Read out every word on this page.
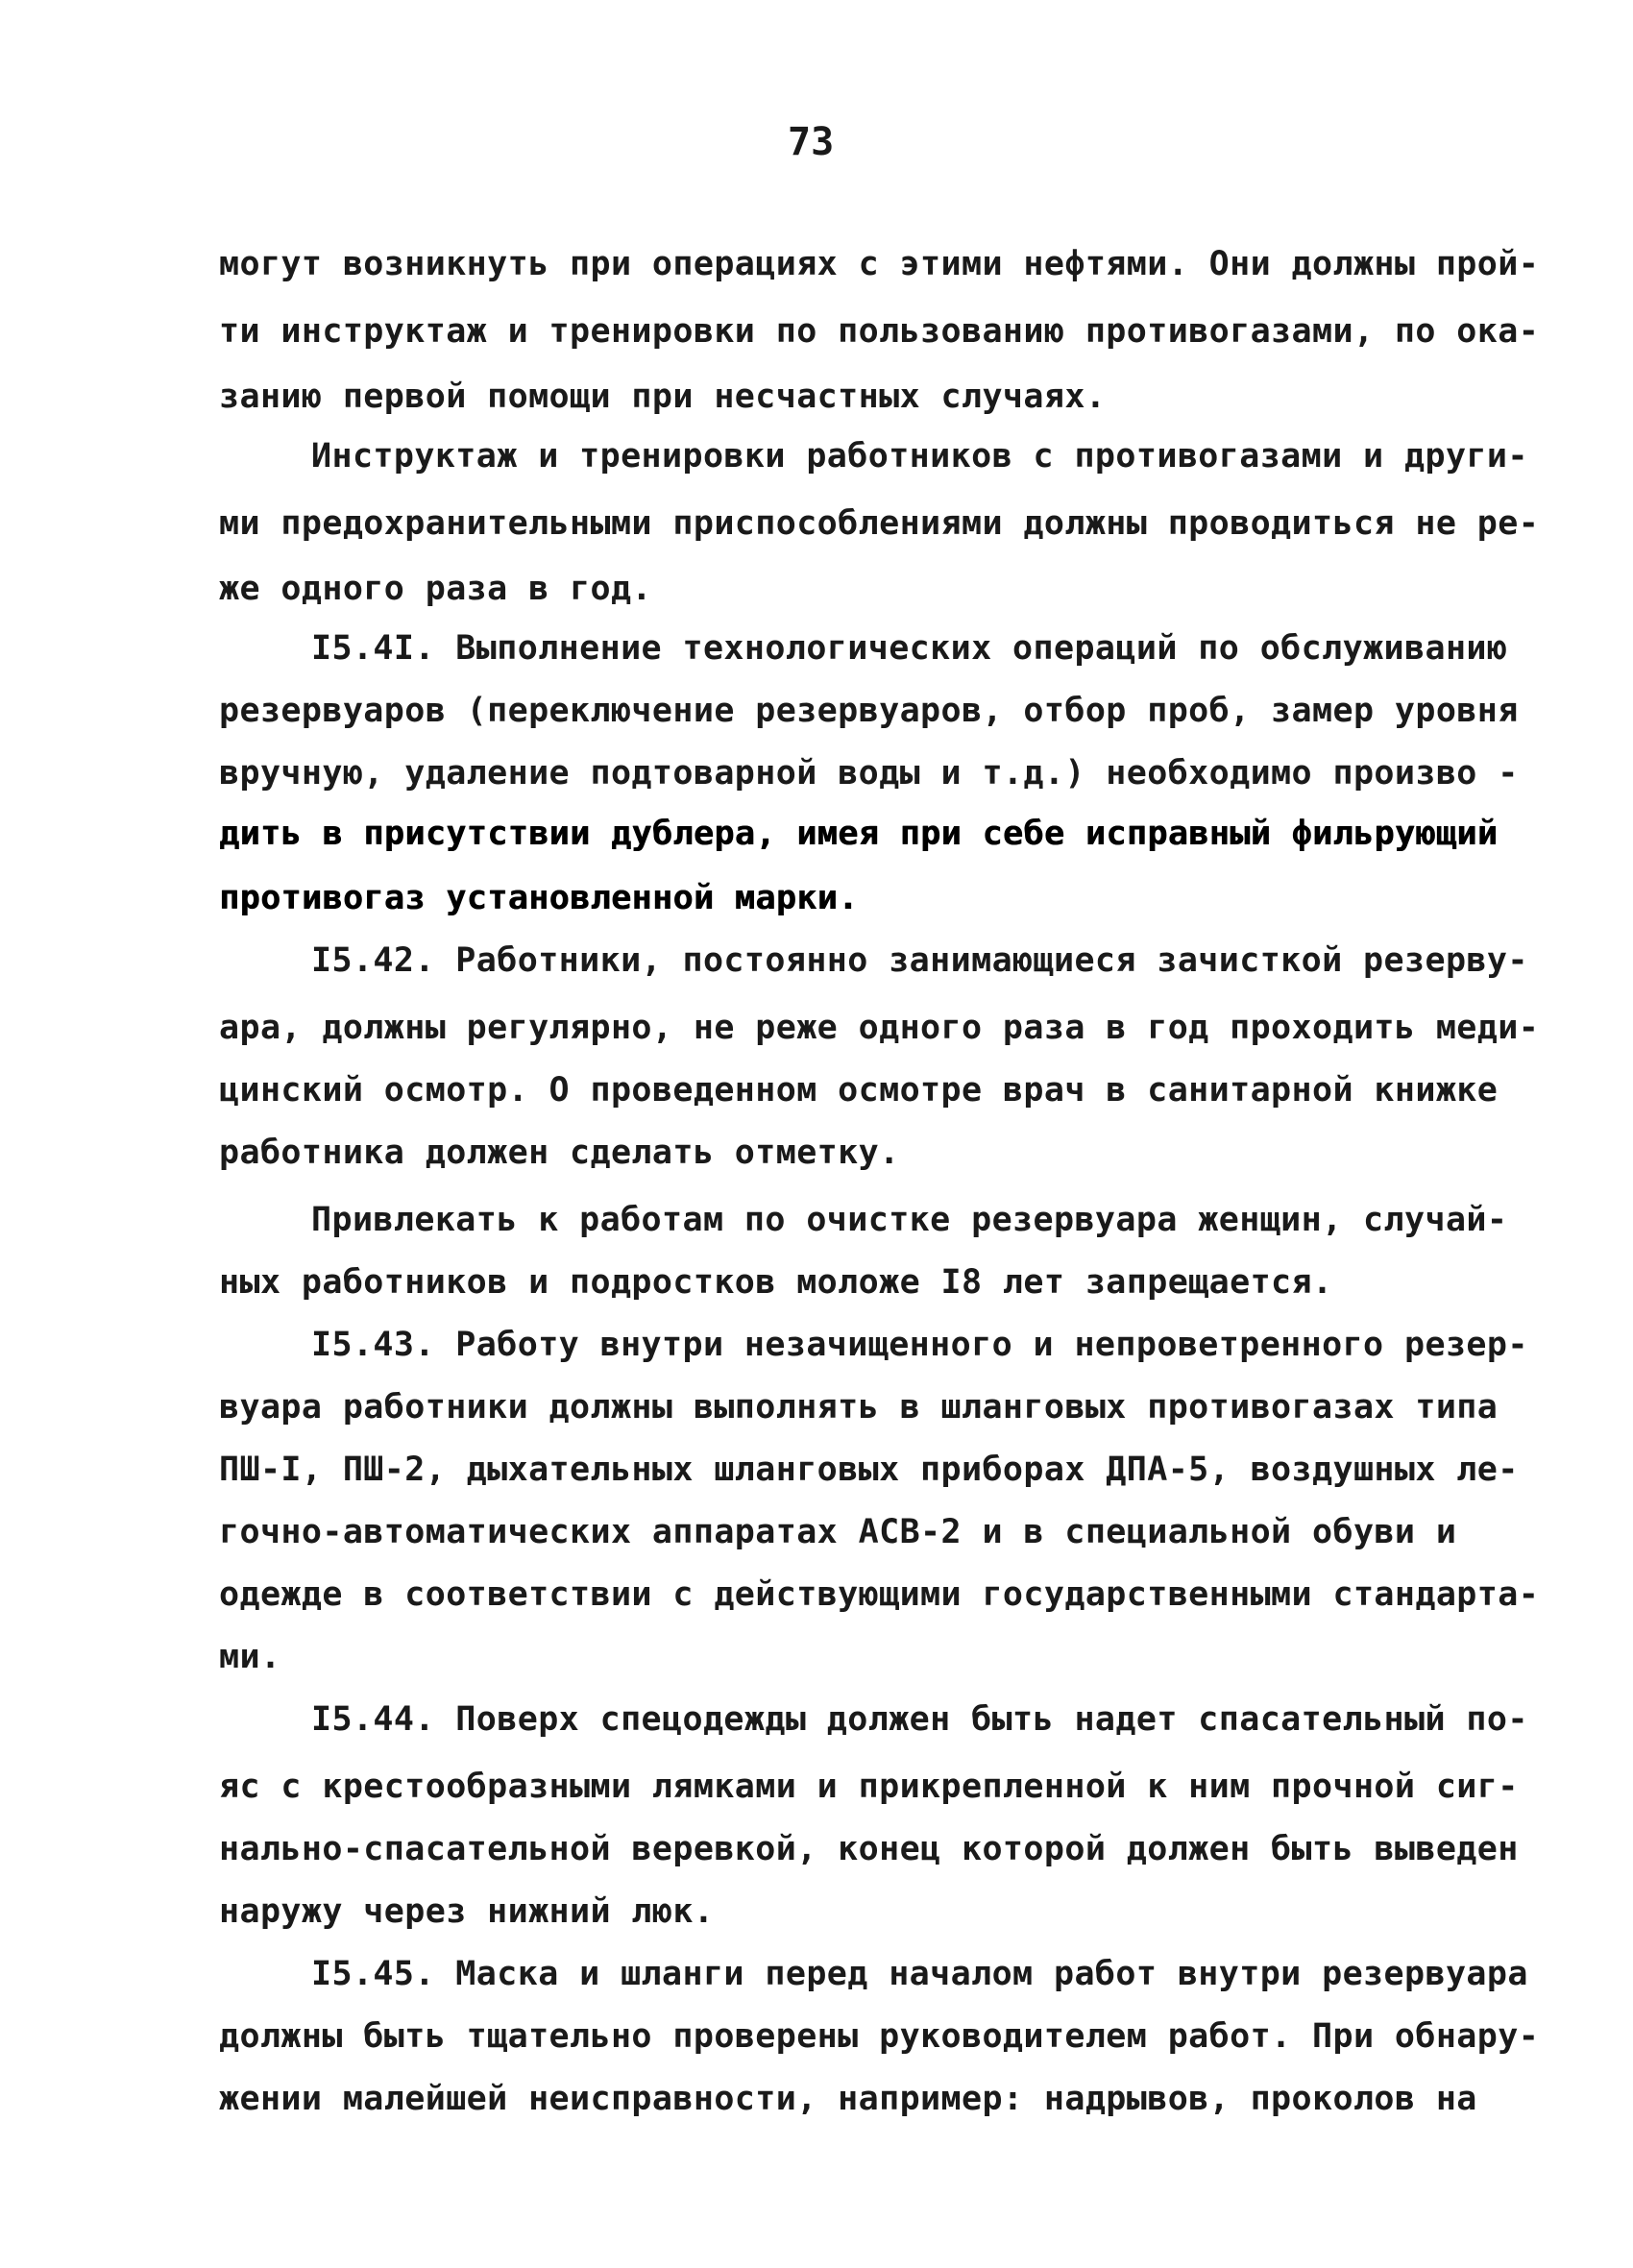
73
могут возникнуть при операциях с этими нефтями. Они должны прой-
ти инструктаж и тренировки по пользованию противогазами, по ока-
занию первой помощи при несчастных случаях.
Инструктаж и тренировки работников с противогазами и други-
ми предохранительными приспособлениями должны проводиться не ре-
же одного раза в год.
I5.4I. Выполнение технологических операций по обслуживанию
резервуаров (переключение резервуаров, отбор проб, замер уровня
вручную, удаление подтоварной воды и т.д.) необходимо произво -
дить в присутствии дублера, имея при себе исправный фильрующий
противогаз установленной марки.
I5.42. Работники, постоянно занимающиеся зачисткой резерву-
ара, должны регулярно, не реже одного раза в год проходить меди-
цинский осмотр. О проведенном осмотре врач в санитарной книжке
работника должен сделать отметку.
Привлекать к работам по очистке резервуара женщин, случай-
ных работников и подростков моложе I8 лет запрещается.
I5.43. Работу внутри незачищенного и непроветренного резер-
вуара работники должны выполнять в шланговых противогазах типа
ПШ-I, ПШ-2, дыхательных шланговых приборах ДПА-5, воздушных ле-
гочно-автоматических аппаратах АСВ-2 и в специальной обуви и
одежде в соответствии с действующими государственными стандарта-
ми.
I5.44. Поверх спецодежды должен быть надет спасательный по-
яс с крестообразными лямками и прикрепленной к ним прочной сиг-
нально-спасательной веревкой, конец которой должен быть выведен
наружу через нижний люк.
I5.45. Маска и шланги перед началом работ внутри резервуара
должны быть тщательно проверены руководителем работ. При обнару-
жении малейшей неисправности, например: надрывов, проколов на
